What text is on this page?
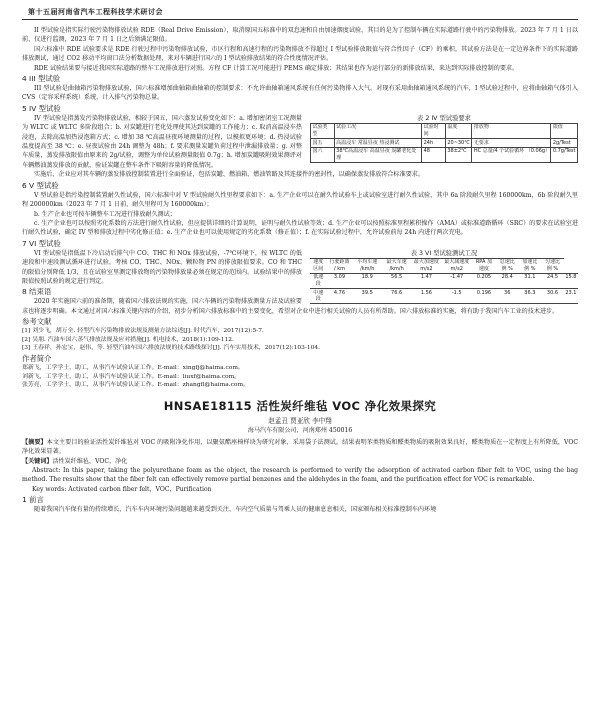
第十五届河南省汽车工程科技学术研讨会

II 型试验是指实际行驶污染物排放试验 RDE（Real Drive Emission），取消原国五标准中的双怠速和自由加速烟度试验，其目的是为了控制车辆在实际道路行驶中的污染物排放。2023 年 7 月 1 日以前，仅进行监测，2023 年 7 月 1 日之后须满足限值。

国六标准中 RDE 试验要求是 RDE 行驶过程中污染物排放试验，市区行程和高速行程的污染物排放不得超过 I 型试验排放限值与符合性因子（CF）的乘积。其试验方法是在一定边界条件下的实际道路排放测试，通过 CO2 移动平均窗口法分析数据处理，来对车辆进行国六的 I 型试验排放结果的符合性度情况评估。

RDE 试验结果要与接近我国实际道路的整车工况排放进行对照。方程 CF 计算工况可能进行 PEMS 确定排放；其结果也作为运行部分的新排放结果，来达到实际排放控制的要求。

4 III 型试验

III 型试验是曲轴箱污染物排放试验，国六标准增加曲轴箱曲轴箱的控制要求：不允许曲轴箱通风系统有任何污染物排入大气。对现有采用曲轴箱通风系统的汽车，I 型试验过程中，应将曲轴箱气体引入 CVS（定容采样系统）系统，计入排气污染物总量。

5 IV 型试验
表 2 IV 型试验要求
试验类型	试验工况	试验时间	温度	排放物	限值
国五	高温浸车 常温昼夜 热浸测试	24h	20~30℃	无要求	2g/Test
国六	38℃高温浸车 高温昼夜 炭罐老化处理	48	38±2℃	HC 总量/4 个试验循环 （0.06g）	0.7g/Test

IV 型试验是指蒸发污染物排放试验，相较于国五，国六蒸发试验变化如下：a. 增加密闭室工况测量为 WLTC 或 WLTC 多阶段组合；b. 对炭罐进行老化处理使其达到炭罐的工作能力；c. 取消高温浸车热浸泡，去除高温加热浸泡箱方式；c. 增加 38 ℃高温昼夜环境测量的过程，以模拟更环境；d. 热浸试验温度提高至 38 ℃；e. 昼夜试验由 24h 调整为 48h；f. 要求测量炭罐负荷过程中泄漏排放量；g. 对整车质量，蒸发排放限值由原来的 2g/试验，调整为单位试验测量限值 0.7g；h. 增加炭罐吸附效果测评对车辆燃油蒸发排放的贡献，验证炭罐在整车条件下吸附容量的降低情况。

实施后，企业应对其车辆的蒸发排放控制装置进行全面验证，包括炭罐、燃油箱、燃油管路及其连接件的密封性，以确保蒸发排放符合标准要求。

6 V 型试验

V 型试验是指污染控制装置耐久性试验，国六标准中对 V 型试验耐久性里程要求如下：a. 生产企业可以在耐久性试验车上或试验室进行耐久性试验，其中 6a 阶段耐久里程 160000km，6b 阶段耐久里程 200000km（2023 年 7 月 1 日前，耐久里程可为 160000km）；

b. 生产企业也可按车辆整车工况进行排放耐久测试；

c. 生产企业也可以按照劣化系数的方法进行耐久性试验，但应提供详细的计算说明，证明与耐久性试验等效；d. 生产企业可以按照标准里程累积操作（AMA）或标准道路循环（SRC）的要求在试验室进行耐久性试验，确定 IV 型和排放过程中劣化修正值；e. 生产企业也可以使用规定的劣化系数（修正值）；f. 在实际试验过程中，允许试验前每 24h 内进行两次充电。

7 VI 型试验
表 3 VI 型试验测试工况
速度区间	行驶距离 / km	平均车速 /km/h	最大车速 /km/h	最大加速度 m/s2	最大减速度 m/s2	RPA 加速度	怠速比例 %	加速比例 %	匀速比例 %	
低速段	3.09	18.9	56.5	1.47	-1.47	0.205	28.4	31.1	24.5	15.8
中速段	4.76	39.5	76.6	1.56	-1.5	0.196	36	36.3	30.6	23.1

VI 型试验是指低温下冷启动后排气中 CO、THC 和 NOx 排放试验，-7℃环境下，按 WLTC 的低速段和中速段测试循环进行试验，考核 CO、THC、NOx、颗粒物 PN 的排放限值要求。CO 和 THC 的限值分别降低 1/3，且在试验室里测定排放物的污染物排放量必须在规定的范围内。试验结果中的排放限值按照试验的规定进行判定。

8 结束语

2020 年实施国六前的准备期，随着国六排放法规的实施，国六车辆的污染物排放测量方法及试验要求也将逐步明确。本文通过对国六标准关键内容的介绍，初步分析国六排放标准中的主要变化，希望对企业中进行相关试验的人员有所帮助。国六排放标准的实施，将有助于我国汽车工业的技术进步。

参考文献

[1] 刘少飞，胡万全. 轻型汽车污染物排放法规及测量方法综述[J]. 时代汽车，2017(12):5-7.

[2] 吴朋. 汽油车国六蒸气排放法规及应对措施[J]. 机电技术，2018(1):109-112.

[3] 王春祥，孙宏宝，赵伟，等. 轻型汽油车国六排放法规的技术路线探讨[J]. 汽车实用技术，2017(12):103-104.

作者简介

郑新飞，工学学士，助工，从事汽车试验认证工作。E-mail：xingfj@haima.com。

刘新飞，工学学士，助工，从事汽车试验认证工作。E-mail：liuxf@haima.com。

张芳亮，工学学士，助工，从事汽车试验认证工作。E-mail：zhangfl@haima.com。

HNSAE18115 活性炭纤维毡 VOC 净化效果探究
赵孟丑 贾亚欣 李中翔
海马汽车有限公司，河南郑州 450016

【摘要】本文主要目的验证活性炭纤维毡对 VOC 的吸附净化作用，以聚氨酯座椅样块为研究对象，采用袋子法测试。结果表明苯类物质和醛类物质的吸附效果良好，醛类物质在一定程度上有所降低，VOC 净化效果显著。

【关键词】活性炭纤维毡，VOC，净化

Abstract: In this paper, taking the polyurethane foam as the object, the research is performed to verify the adsorption of activated carbon fiber felt to VOC, using the bag method. The results show that the fiber felt can effectively remove partial benzenes and the aldehydes in the foam, and the purification effect for VOC is remarkable.

Key words: Activated carbon fiber felt，VOC，Purification

1 前言

随着我国汽车保有量的持续增长，汽车车内环境污染问题越来越受到关注，车内空气质量与驾乘人员的健康息息相关，国家颁布相关标准控制车内环境
